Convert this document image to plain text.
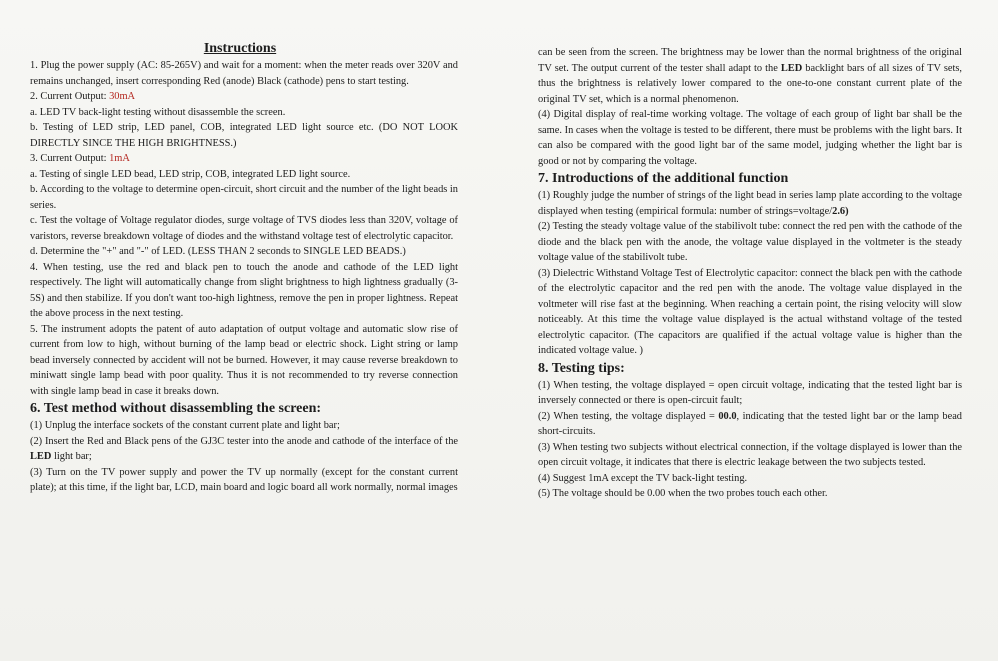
Instructions

1. Plug the power supply (AC: 85-265V) and wait for a moment: when the meter reads over 320V and remains unchanged, insert corresponding Red (anode) Black (cathode) pens to start testing.

2. Current Output: 30mA

a. LED TV back-light testing without disassemble the screen.

b. Testing of LED strip, LED panel, COB, integrated LED light source etc. (DO NOT LOOK DIRECTLY SINCE THE HIGH BRIGHTNESS.)

3. Current Output: 1mA

a. Testing of single LED bead, LED strip, COB, integrated LED light source.

b. According to the voltage to determine open-circuit, short circuit and the number of the light beads in series.

c. Test the voltage of Voltage regulator diodes, surge voltage of TVS diodes less than 320V, voltage of varistors, reverse breakdown voltage of diodes and the withstand voltage test of electrolytic capacitor.

d. Determine the "+" and "-" of LED. (LESS THAN 2 seconds to SINGLE LED BEADS.)

4. When testing, use the red and black pen to touch the anode and cathode of the LED light respectively. The light will automatically change from slight brightness to high lightness gradually (3-5S) and then stabilize. If you don't want too-high lightness, remove the pen in proper lightness. Repeat the above process in the next testing.

5. The instrument adopts the patent of auto adaptation of output voltage and automatic slow rise of current from low to high, without burning of the lamp bead or electric shock. Light string or lamp bead inversely connected by accident will not be burned. However, it may cause reverse breakdown to miniwatt single lamp bead with poor quality. Thus it is not recommended to try reverse connection with single lamp bead in case it breaks down.

6. Test method without disassembling the screen:

(1) Unplug the interface sockets of the constant current plate and light bar;

(2) Insert the Red and Black pens of the GJ3C tester into the anode and cathode of the interface of the LED light bar;

(3) Turn on the TV power supply and power the TV up normally (except for the constant current plate); at this time, if the light bar, LCD, main board and logic board all work normally, normal images

can be seen from the screen. The brightness may be lower than the normal brightness of the original TV set. The output current of the tester shall adapt to the LED backlight bars of all sizes of TV sets, thus the brightness is relatively lower compared to the one-to-one constant current plate of the original TV set, which is a normal phenomenon.

(4) Digital display of real-time working voltage. The voltage of each group of light bar shall be the same. In cases when the voltage is tested to be different, there must be problems with the light bars. It can also be compared with the good light bar of the same model, judging whether the light bar is good or not by comparing the voltage.

7. Introductions of the additional function

(1) Roughly judge the number of strings of the light bead in series lamp plate according to the voltage displayed when testing (empirical formula: number of strings=voltage/2.6)

(2) Testing the steady voltage value of the stabilivolt tube: connect the red pen with the cathode of the diode and the black pen with the anode, the voltage value displayed in the voltmeter is the steady voltage value of the stabilivolt tube.

(3) Dielectric Withstand Voltage Test of Electrolytic capacitor: connect the black pen with the cathode of the electrolytic capacitor and the red pen with the anode. The voltage value displayed in the voltmeter will rise fast at the beginning. When reaching a certain point, the rising velocity will slow noticeably. At this time the voltage value displayed is the actual withstand voltage of the tested electrolytic capacitor. (The capacitors are qualified if the actual voltage value is higher than the indicated voltage value. )

8. Testing tips:

(1) When testing, the voltage displayed = open circuit voltage, indicating that the tested light bar is inversely connected or there is open-circuit fault;

(2) When testing, the voltage displayed = 00.0, indicating that the tested light bar or the lamp bead short-circuits.

(3) When testing two subjects without electrical connection, if the voltage displayed is lower than the open circuit voltage, it indicates that there is electric leakage between the two subjects tested.

(4) Suggest 1mA except the TV back-light testing.

(5) The voltage should be 0.00 when the two probes touch each other.
